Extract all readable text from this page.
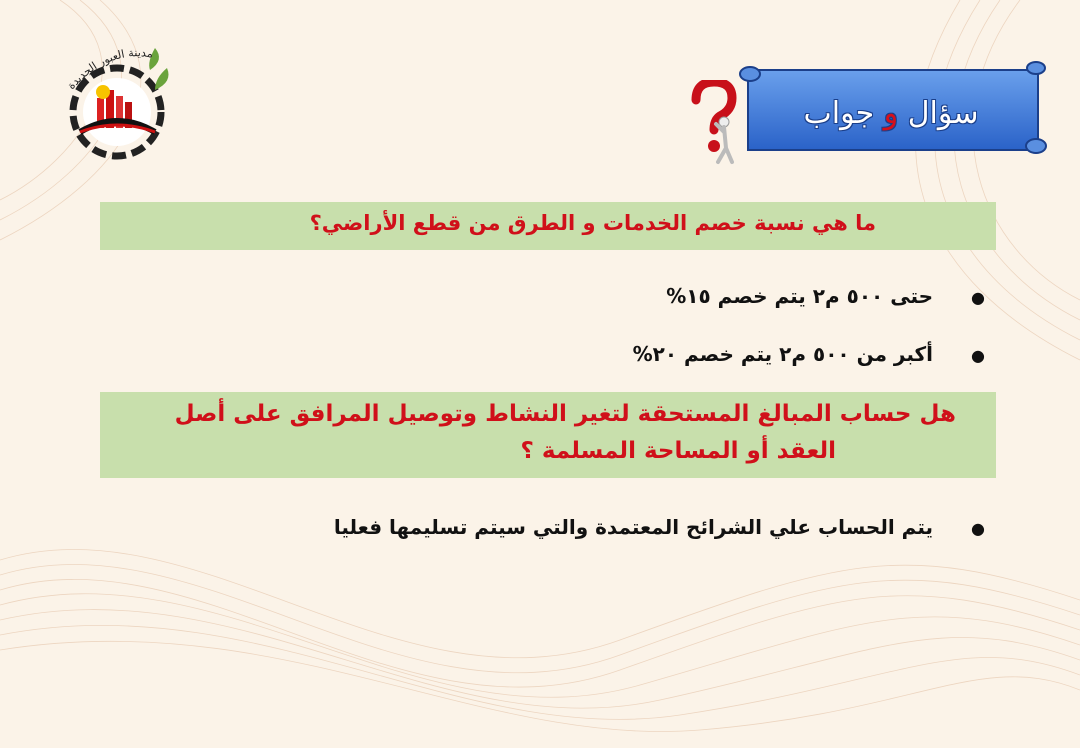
مدينة العبور الجديدة
سؤال و جواب
ما هي نسبة خصم الخدمات و الطرق من قطع الأراضي؟
●حتى ٥٠٠ م٢ يتم خصم ١٥%
●أكبر من ٥٠٠ م٢ يتم خصم ٢٠%
هل حساب المبالغ المستحقة لتغير النشاط وتوصيل المرافق على أصل
العقد أو المساحة المسلمة ؟
●يتم الحساب علي الشرائح المعتمدة والتي سيتم تسليمها فعليا
